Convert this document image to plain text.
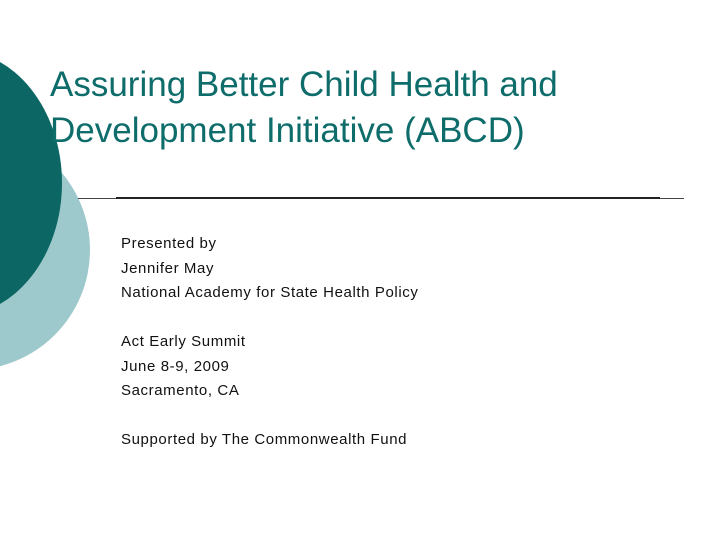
Assuring Better Child Health and
Development Initiative (ABCD)
Presented by
Jennifer May
National Academy for State Health Policy
Act Early Summit
June 8-9, 2009
Sacramento, CA
Supported by The Commonwealth Fund
